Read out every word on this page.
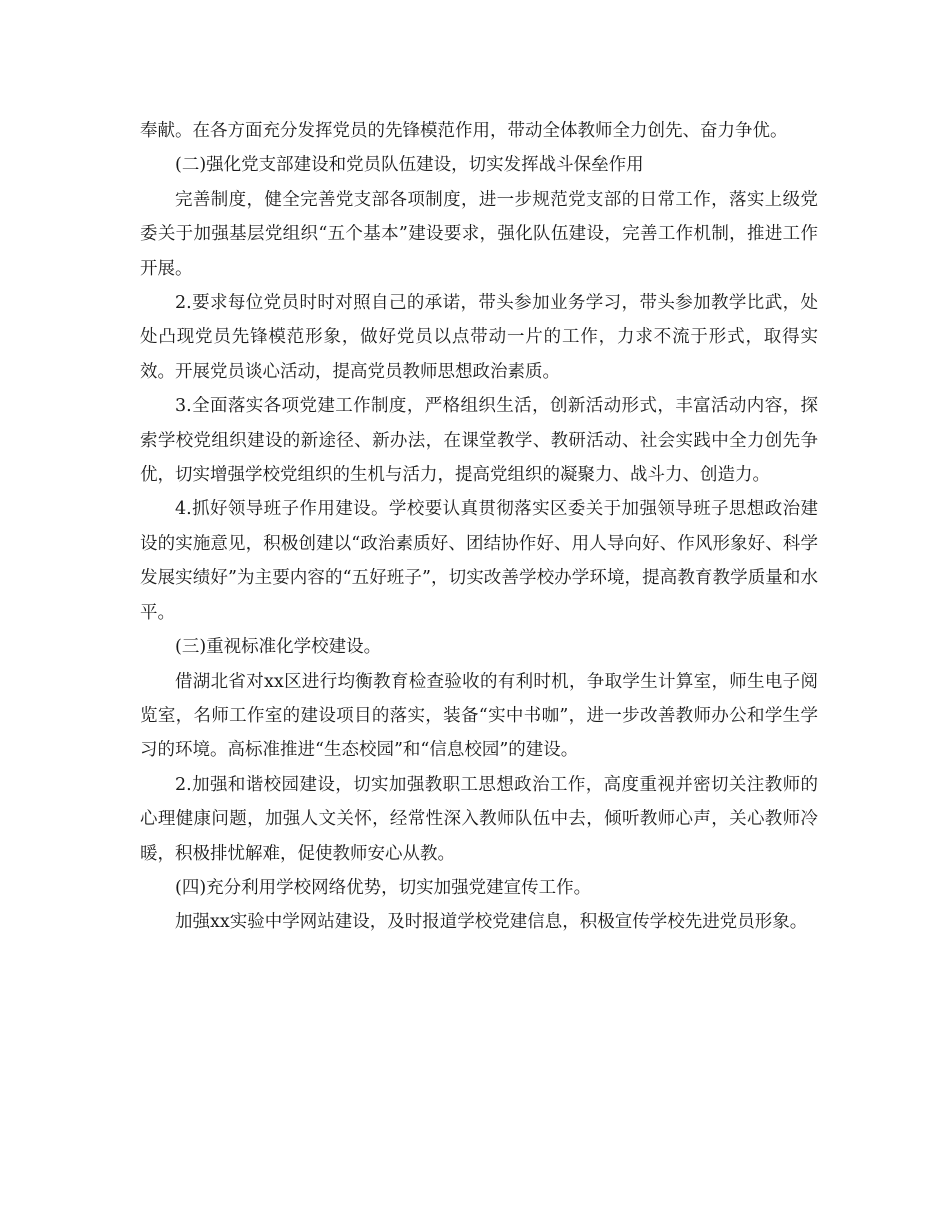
奉献。在各方面充分发挥党员的先锋模范作用，带动全体教师全力创先、奋力争优。

(二)强化党支部建设和党员队伍建设，切实发挥战斗保垒作用

完善制度，健全完善党支部各项制度，进一步规范党支部的日常工作，落实上级党委关于加强基层党组织“五个基本”建设要求，强化队伍建设，完善工作机制，推进工作开展。

2.要求每位党员时时对照自己的承诺，带头参加业务学习，带头参加教学比武，处处凸现党员先锋模范形象，做好党员以点带动一片的工作，力求不流于形式，取得实效。开展党员谈心活动，提高党员教师思想政治素质。

3.全面落实各项党建工作制度，严格组织生活，创新活动形式，丰富活动内容，探索学校党组织建设的新途径、新办法，在课堂教学、教研活动、社会实践中全力创先争优，切实增强学校党组织的生机与活力，提高党组织的凝聚力、战斗力、创造力。

4.抓好领导班子作用建设。学校要认真贯彻落实区委关于加强领导班子思想政治建设的实施意见，积极创建以“政治素质好、团结协作好、用人导向好、作风形象好、科学发展实绩好”为主要内容的“五好班子”，切实改善学校办学环境，提高教育教学质量和水平。

(三)重视标准化学校建设。

借湖北省对xx区进行均衡教育检查验收的有利时机，争取学生计算室，师生电子阅览室，名师工作室的建设项目的落实，装备“实中书咖”，进一步改善教师办公和学生学习的环境。高标准推进“生态校园”和“信息校园”的建设。

2.加强和谐校园建设，切实加强教职工思想政治工作，高度重视并密切关注教师的心理健康问题，加强人文关怀，经常性深入教师队伍中去，倾听教师心声，关心教师冷暖，积极排忧解难，促使教师安心从教。

(四)充分利用学校网络优势，切实加强党建宣传工作。

加强xx实验中学网站建设，及时报道学校党建信息，积极宣传学校先进党员形象。
